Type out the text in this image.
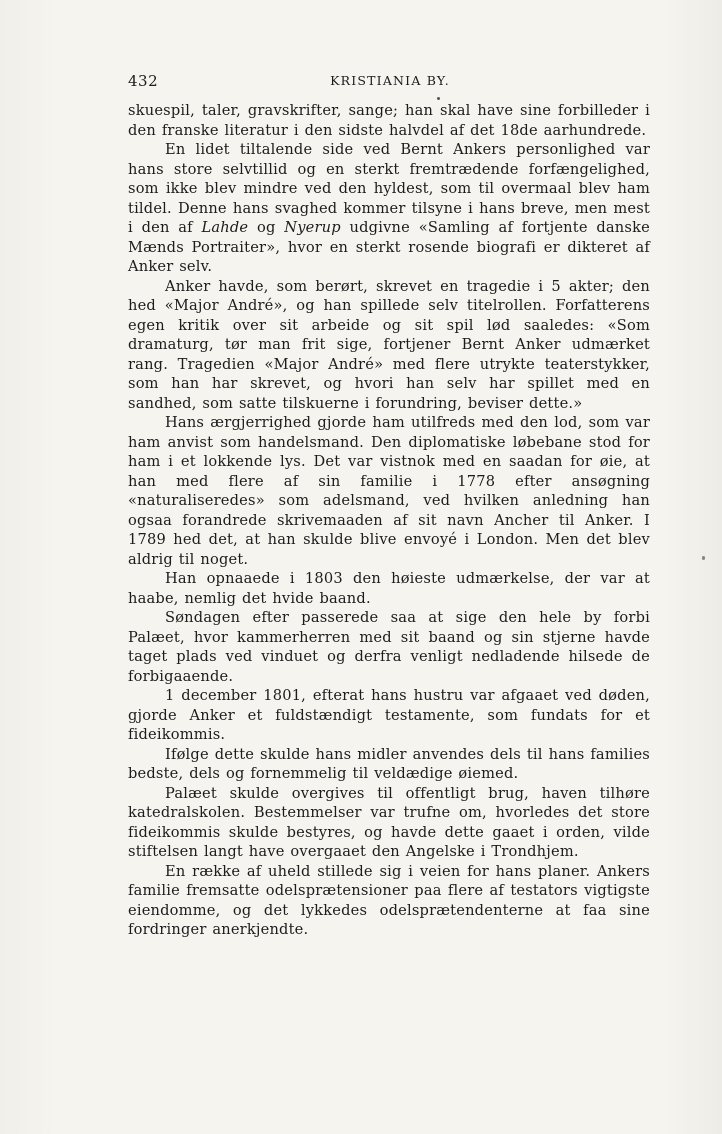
432	KRISTIANIA BY.

skuespil, taler, gravskrifter, sange; han skal have sine forbilleder i den franske literatur i den sidste halvdel af det 18de aarhundrede.

En lidet tiltalende side ved Bernt Ankers personlighed var hans store selvtillid og en sterkt fremtrædende forfængelighed, som ikke blev mindre ved den hyldest, som til overmaal blev ham tildel. Denne hans svaghed kommer tilsyne i hans breve, men mest i den af Lahde og Nyerup udgivne «Samling af fortjente danske Mænds Portraiter», hvor en sterkt rosende biografi er dikteret af Anker selv.

Anker havde, som berørt, skrevet en tragedie i 5 akter; den hed «Major André», og han spillede selv titelrollen. Forfatterens egen kritik over sit arbeide og sit spil lød saaledes: «Som dramaturg, tør man frit sige, fortjener Bernt Anker udmærket rang. Tragedien «Major André» med flere utrykte teaterstykker, som han har skrevet, og hvori han selv har spillet med en sandhed, som satte tilskuerne i forundring, beviser dette.»

Hans ærgjerrighed gjorde ham utilfreds med den lod, som var ham anvist som handelsmand. Den diplomatiske løbebane stod for ham i et lokkende lys. Det var vistnok med en saadan for øie, at han med flere af sin familie i 1778 efter ansøgning «naturaliseredes» som adelsmand, ved hvilken anledning han ogsaa forandrede skrivemaaden af sit navn Ancher til Anker. I 1789 hed det, at han skulde blive envoyé i London. Men det blev aldrig til noget.

Han opnaaede i 1803 den høieste udmærkelse, der var at haabe, nemlig det hvide baand.

Søndagen efter passerede saa at sige den hele by forbi Palæet, hvor kammerherren med sit baand og sin stjerne havde taget plads ved vinduet og derfra venligt nedladende hilsede de forbigaaende.

1 december 1801, efterat hans hustru var afgaaet ved døden, gjorde Anker et fuldstændigt testamente, som fundats for et fideikommis.

Ifølge dette skulde hans midler anvendes dels til hans families bedste, dels og fornemmelig til veldædige øiemed.

Palæet skulde overgives til offentligt brug, haven tilhøre katedralskolen. Bestemmelser var trufne om, hvorledes det store fideikommis skulde bestyres, og havde dette gaaet i orden, vilde stiftelsen langt have overgaaet den Angelske i Trondhjem.

En række af uheld stillede sig i veien for hans planer. Ankers familie fremsatte odelsprætensioner paa flere af testators vigtigste eiendomme, og det lykkedes odelsprætendenterne at faa sine fordringer anerkjendte.
